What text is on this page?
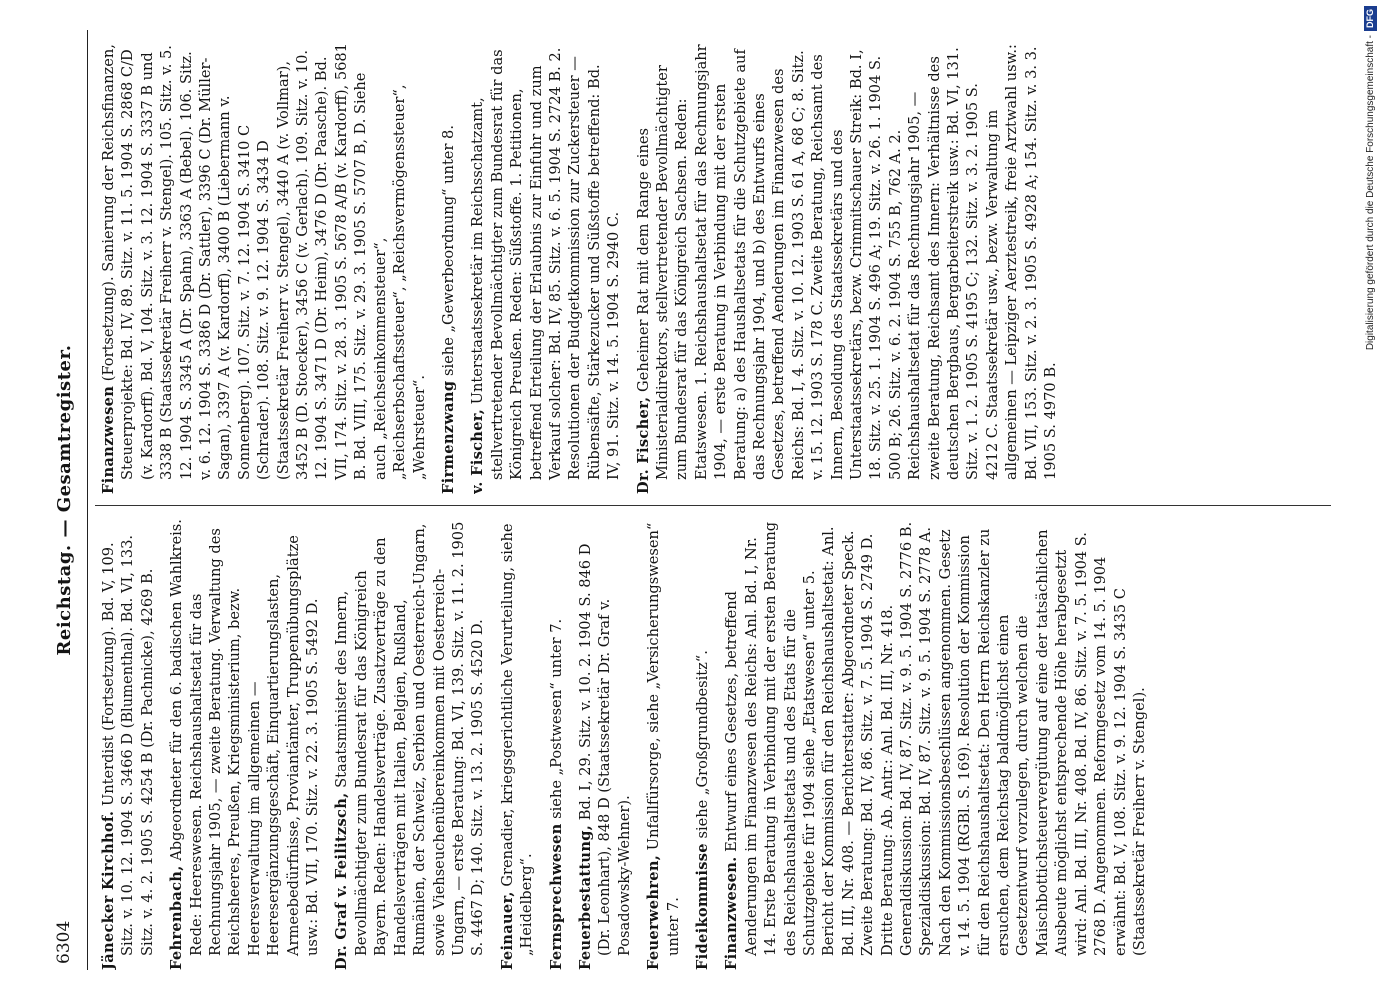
6304
Reichstag. — Gesamtregister.

Jänecker Kirchhof. Unterdist (Fortsetzung). Bd. V, 109. Sitz. v. 10. 12. 1904 S. 3466 D (Blumenthal). Bd. VI, 133. Sitz. v. 4. 2. 1905 S. 4254 B (Dr. Pachnicke), 4269 B. Fehrenbach, Abgeordneter für den 6. badischen Wahlkreis. Rede: Heereswesen. Reichshaushaltsetat für das Rechnungsjahr 1905, — zweite Beratung. Verwaltung des Reichsheeres, Preußen, Kriegsministerium, bezw. Heeresverwaltung im allgemeinen — Heeresergänzungsgeschäft, Einquartierungslasten, Armeebedürfnisse, Proviantämter, Truppenübungsplätze usw.: Bd. VII, 170. Sitz. v. 22. 3. 1905 S. 5492 D. Dr. Graf v. Feilitzsch, Staatsminister des Innern, Bevollmächtigter zum Bundesrat für das Königreich Bayern. Reden: Handelsverträge. Zusatzverträge zu den Handelsverträgen mit Italien, Belgien, Rußland, Rumänien, der Schweiz, Serbien und Oesterreich-Ungarn, sowie Viehseuchenübereinkommen mit Oesterreich-Ungarn, — erste Beratung: Bd. VI, 139. Sitz. v. 11. 2. 1905 S. 4467 D; 140. Sitz. v. 13. 2. 1905 S. 4520 D. Feinauer, Grenadier, kriegsgerichtliche Verurteilung, siehe „Heidelberg“. Fernsprechwesen siehe „Postwesen“ unter 7.

Feuerbestattung, Bd. I, 29. Sitz. v. 10. 2. 1904 S. 846 D (Dr. Leonhart), 848 D (Staatssekretär Dr. Graf v. Posadowsky-Wehner). Feuerwehren, Unfallfürsorge, siehe „Versicherungswesen“ unter 7. Fideikommisse siehe „Großgrundbesitz“.

Finanzwesen. Entwurf eines Gesetzes, betreffend Aenderungen im Finanzwesen des Reichs: Anl. Bd. I, Nr. 14. Erste Beratung in Verbindung mit der ersten Beratung des Reichshaushaltsetats und des Etats für die Schutzgebiete für 1904 siehe „Etatswesen“ unter 5. Bericht der Kommission für den Reichshaushaltsetat: Anl. Bd. III, Nr. 408. — Berichterstatter: Abgeordneter Speck. Zweite Beratung: Bd. IV, 86. Sitz. v. 7. 5. 1904 S. 2749 D. Dritte Beratung: Ab. Antr.: Anl. Bd. III, Nr. 418. Generaldiskussion: Bd. IV, 87. Sitz. v. 9. 5. 1904 S. 2776 B. Spezialdiskussion: Bd. IV, 87. Sitz. v. 9. 5. 1904 S. 2778 A. Nach den Kommissionsbeschlüssen angenommen. Gesetz v. 14. 5. 1904 (RGBl. S. 169). Resolution der Kommission für den Reichshaushaltsetat: Den Herrn Reichskanzler zu ersuchen, dem Reichstag baldmöglichst einen Gesetzentwurf vorzulegen, durch welchen die Maischbottichsteuervergütung auf eine der tatsächlichen Ausbeute möglichst entsprechende Höhe herabgesetzt wird: Anl. Bd. III, Nr. 408. Bd. IV, 86. Sitz. v. 7. 5. 1904 S. 2768 D. Angenommen. Reformgesetz vom 14. 5. 1904 erwähnt: Bd. V, 108. Sitz. v. 9. 12. 1904 S. 3435 C (Staatssekretär Freiherr v. Stengel).

Finanzwesen (Fortsetzung). Sanierung der Reichsfinanzen, Steuerprojekte: Bd. IV, 89. Sitz. v. 11. 5. 1904 S. 2868 C/D (v. Kardorff). Bd. V, 104. Sitz. v. 3. 12. 1904 S. 3337 B und 3338 B (Staatssekretär Freiherr v. Stengel). 105. Sitz. v. 5. 12. 1904 S. 3345 A (Dr. Spahn), 3363 A (Bebel). 106. Sitz. v. 6. 12. 1904 S. 3386 D (Dr. Sattler), 3396 C (Dr. Müller-Sagan), 3397 A (v. Kardorff), 3400 B (Liebermann v. Sonnenberg). 107. Sitz. v. 7. 12. 1904 S. 3410 C (Schrader). 108. Sitz. v. 9. 12. 1904 S. 3434 D (Staatssekretär Freiherr v. Stengel), 3440 A (v. Vollmar), 3452 B (D. Stoecker), 3456 C (v. Gerlach). 109. Sitz. v. 10. 12. 1904 S. 3471 D (Dr. Heim), 3476 D (Dr. Paasche). Bd. VII, 174. Sitz. v. 28. 3. 1905 S. 5678 A/B (v. Kardorff), 5681 B. Bd. VIII, 175. Sitz. v. 29. 3. 1905 S. 5707 B, D. Siehe auch „Reichseinkommensteuer“, „Reichserbschaftssteuer“, „Reichsvermögenssteuer“, „Wehrsteuer“. Firmenzwang siehe „Gewerbeordnung“ unter 8.

v. Fischer, Unterstaatssekretär im Reichsschatzamt, stellvertretender Bevollmächtigter zum Bundesrat für das Königreich Preußen. Reden: Süßstoffe. 1. Petitionen, betreffend Erteilung der Erlaubnis zur Einfuhr und zum Verkauf solcher: Bd. IV, 85. Sitz. v. 6. 5. 1904 S. 2724 B. 2. Resolutionen der Budgetkommission zur Zuckersteuer — Rübensäfte, Stärkezucker und Süßstoffe betreffend: Bd. IV, 91. Sitz. v. 14. 5. 1904 S. 2940 C. Dr. Fischer, Geheimer Rat mit dem Range eines Ministerialdirektors, stellvertretender Bevollmächtigter zum Bundesrat für das Königreich Sachsen. Reden: Etatswesen. 1. Reichshaushaltsetat für das Rechnungsjahr 1904, — erste Beratung in Verbindung mit der ersten Beratung: a) des Haushaltsetats für die Schutzgebiete auf das Rechnungsjahr 1904, und b) des Entwurfs eines Gesetzes, betreffend Aenderungen im Finanzwesen des Reichs: Bd. I, 4. Sitz. v. 10. 12. 1903 S. 61 A, 68 C; 8. Sitz. v. 15. 12. 1903 S. 178 C. Zweite Beratung, Reichsamt des Innern, Besoldung des Staatssekretärs und des Unterstaatssekretärs, bezw. Crimmitschauer Streik: Bd. I, 18. Sitz. v. 25. 1. 1904 S. 496 A; 19. Sitz. v. 26. 1. 1904 S. 500 B; 26. Sitz. v. 6. 2. 1904 S. 755 B, 762 A. 2. Reichshaushaltsetat für das Rechnungsjahr 1905, — zweite Beratung, Reichsamt des Innern: Verhältnisse des deutschen Bergbaus, Bergarbeiterstreik usw.: Bd. VI, 131. Sitz. v. 1. 2. 1905 S. 4195 C; 132. Sitz. v. 3. 2. 1905 S. 4212 C. Staatssekretär usw., bezw. Verwaltung im allgemeinen — Leipziger Aerztestreik, freie Arztwahl usw.: Bd. VII, 153. Sitz. v. 2. 3. 1905 S. 4928 A; 154. Sitz. v. 3. 3. 1905 S. 4970 B.

Digitalisierung gefördert durch die Deutsche Forschungsgemeinschaft -DFG
